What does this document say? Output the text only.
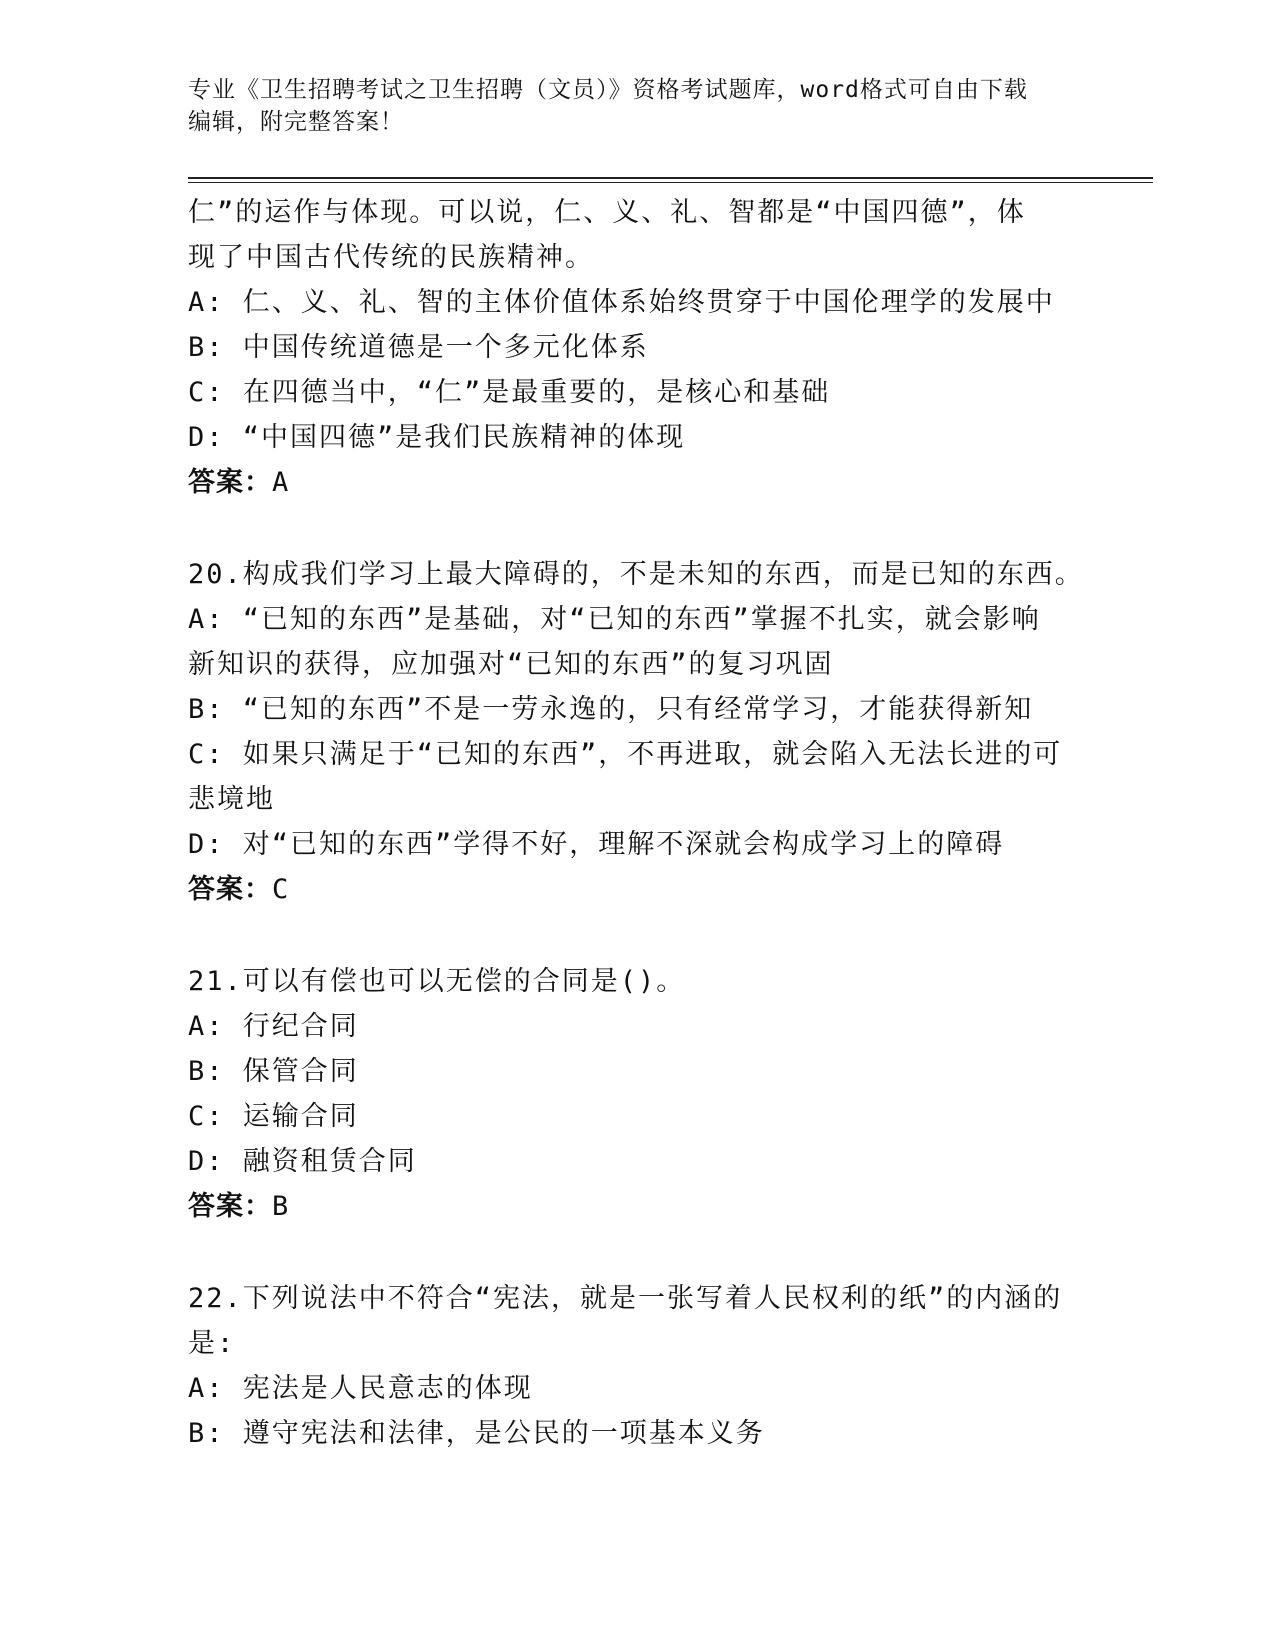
专业《卫生招聘考试之卫生招聘（文员）》资格考试题库，word格式可自由下载
编辑，附完整答案！
仁”的运作与体现。可以说，仁、义、礼、智都是“中国四德”，体
现了中国古代传统的民族精神。
A: 仁、义、礼、智的主体价值体系始终贯穿于中国伦理学的发展中
B: 中国传统道德是一个多元化体系
C: 在四德当中，“仁”是最重要的，是核心和基础
D: “中国四德”是我们民族精神的体现
答案：A
20.构成我们学习上最大障碍的，不是未知的东西，而是已知的东西。
A: “已知的东西”是基础，对“已知的东西”掌握不扎实，就会影响
新知识的获得，应加强对“已知的东西”的复习巩固
B: “已知的东西”不是一劳永逸的，只有经常学习，才能获得新知
C: 如果只满足于“已知的东西”，不再进取，就会陷入无法长进的可
悲境地
D: 对“已知的东西”学得不好，理解不深就会构成学习上的障碍
答案：C
21.可以有偿也可以无偿的合同是()。
A: 行纪合同
B: 保管合同
C: 运输合同
D: 融资租赁合同
答案：B
22.下列说法中不符合“宪法，就是一张写着人民权利的纸”的内涵的
是:
A: 宪法是人民意志的体现
B: 遵守宪法和法律，是公民的一项基本义务
